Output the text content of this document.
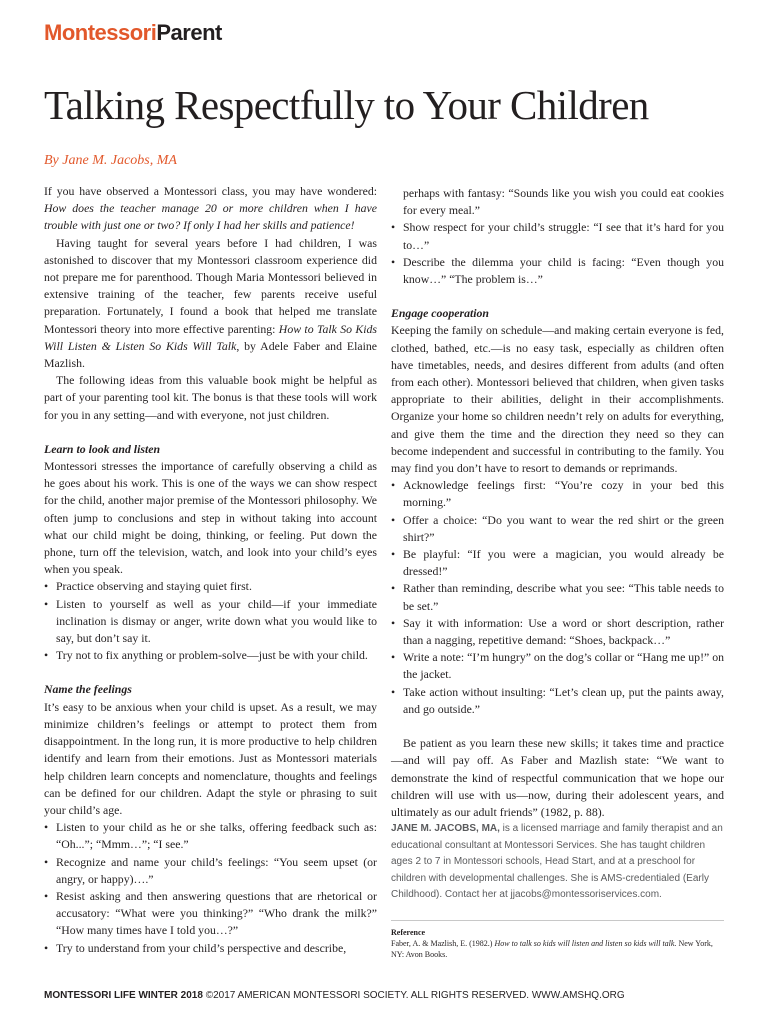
MontessoriParent
Talking Respectfully to Your Children
By Jane M. Jacobs, MA

If you have observed a Montessori class, you may have wondered: How does the teacher manage 20 or more children when I have trouble with just one or two? If only I had her skills and patience!

Having taught for several years before I had children, I was astonished to discover that my Montessori classroom experience did not prepare me for parenthood. Though Maria Montessori believed in extensive training of the teacher, few parents receive useful preparation. Fortunately, I found a book that helped me translate Montessori theory into more effective parenting: How to Talk So Kids Will Listen & Listen So Kids Will Talk, by Adele Faber and Elaine Mazlish.

The following ideas from this valuable book might be helpful as part of your parenting tool kit. The bonus is that these tools will work for you in any setting—and with everyone, not just children.

Learn to look and listen

Montessori stresses the importance of carefully observing a child as he goes about his work. This is one of the ways we can show respect for the child, another major premise of the Montessori philosophy. We often jump to conclusions and step in without taking into account what our child might be doing, thinking, or feeling. Put down the phone, turn off the television, watch, and look into your child’s eyes when you speak.

• Practice observing and staying quiet first.
• Listen to yourself as well as your child—if your immediate inclination is dismay or anger, write down what you would like to say, but don’t say it.
• Try not to fix anything or problem-solve—just be with your child.
Name the feelings

It’s easy to be anxious when your child is upset. As a result, we may minimize children’s feelings or attempt to protect them from disappointment. In the long run, it is more productive to help children identify and learn from their emotions. Just as Montessori materials help children learn concepts and nomenclature, thoughts and feelings can be defined for our children. Adapt the style or phrasing to suit your child’s age.

• Listen to your child as he or she talks, offering feedback such as: “Oh...”; “Mmm…”; “I see.”
• Recognize and name your child’s feelings: “You seem upset (or angry, or happy)….”
• Resist asking and then answering questions that are rhetorical or accusatory: “What were you thinking?” “Who drank the milk?” “How many times have I told you…?”
• Try to understand from your child’s perspective and describe,

perhaps with fantasy: “Sounds like you wish you could eat cookies for every meal.”

• Show respect for your child’s struggle: “I see that it’s hard for you to…”
• Describe the dilemma your child is facing: “Even though you know…” “The problem is…”
Engage cooperation

Keeping the family on schedule—and making certain everyone is fed, clothed, bathed, etc.—is no easy task, especially as children often have timetables, needs, and desires different from adults (and often from each other). Montessori believed that children, when given tasks appropriate to their abilities, delight in their accomplishments. Organize your home so children needn’t rely on adults for everything, and give them the time and the direction they need so they can become independent and successful in contributing to the family. You may find you don’t have to resort to demands or reprimands.

• Acknowledge feelings first: “You’re cozy in your bed this morning.”
• Offer a choice: “Do you want to wear the red shirt or the green shirt?”
• Be playful: “If you were a magician, you would already be dressed!”
• Rather than reminding, describe what you see: “This table needs to be set.”
• Say it with information: Use a word or short description, rather than a nagging, repetitive demand: “Shoes, backpack…”
• Write a note: “I’m hungry” on the dog’s collar or “Hang me up!” on the jacket.
• Take action without insulting: “Let’s clean up, put the paints away, and go outside.”

Be patient as you learn these new skills; it takes time and practice—and will pay off. As Faber and Mazlish state: “We want to demonstrate the kind of respectful communication that we hope our children will use with us—now, during their adolescent years, and ultimately as our adult friends” (1982, p. 88).

JANE M. JACOBS, MA, is a licensed marriage and family therapist and an educational consultant at Montessori Services. She has taught children ages 2 to 7 in Montessori schools, Head Start, and at a preschool for children with developmental challenges. She is AMS-credentialed (Early Childhood). Contact her at jjacobs@montessoriservices.com.

Reference

Faber, A. & Mazlish, E. (1982.) How to talk so kids will listen and listen so kids will talk. New York, NY: Avon Books.

MONTESSORI LIFE WINTER 2018 ©2017 AMERICAN MONTESSORI SOCIETY. ALL RIGHTS RESERVED. WWW.AMSHQ.ORG
